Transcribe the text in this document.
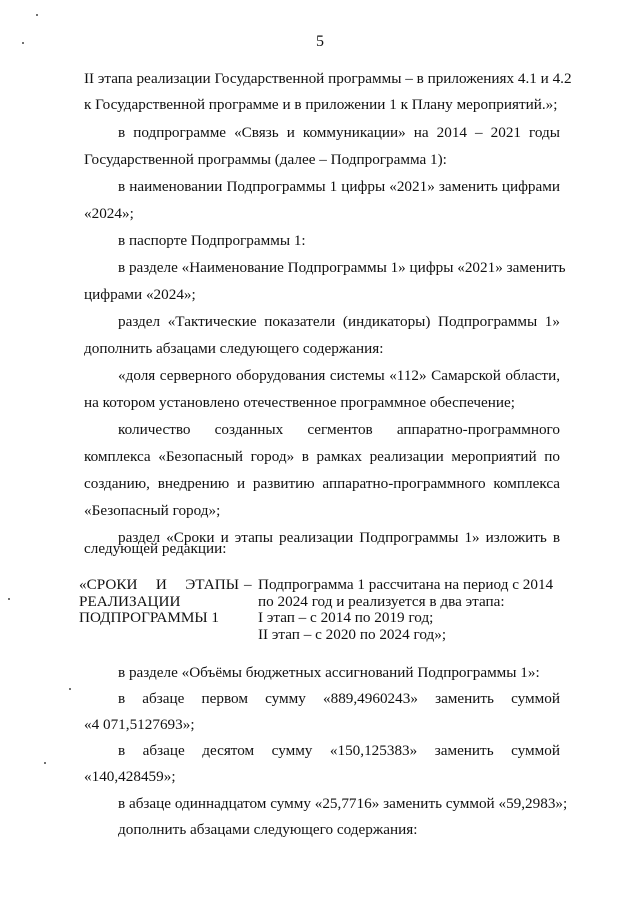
5
II этапа реализации Государственной программы – в приложениях 4.1 и 4.2
к Государственной программе и в приложении 1 к Плану мероприятий.»;
в подпрограмме «Связь и коммуникации» на 2014 – 2021 годы
Государственной программы (далее – Подпрограмма 1):
в наименовании Подпрограммы 1 цифры «2021» заменить цифрами
«2024»;
в паспорте Подпрограммы 1:
в разделе «Наименование Подпрограммы 1» цифры «2021» заменить
цифрами «2024»;
раздел «Тактические показатели (индикаторы) Подпрограммы 1»
дополнить абзацами следующего содержания:
«доля серверного оборудования системы «112» Самарской области,
на котором установлено отечественное программное обеспечение;
количество созданных сегментов аппаратно-программного
комплекса «Безопасный город» в рамках реализации мероприятий по
созданию, внедрению и развитию аппаратно-программного комплекса
«Безопасный город»;
раздел «Сроки и этапы реализации Подпрограммы 1» изложить в
следующей редакции:
«СРОКИ И ЭТАПЫ
РЕАЛИЗАЦИИ
ПОДПРОГРАММЫ 1
– Подпрограмма 1 рассчитана на период с 2014
по 2024 год и реализуется в два этапа:
I этап – с 2014 по 2019 год;
II этап – с 2020 по 2024 год»;
в разделе «Объёмы бюджетных ассигнований Подпрограммы 1»:
в абзаце первом сумму «889,4960243» заменить суммой
«4 071,5127693»;
в абзаце десятом сумму «150,125383» заменить суммой
«140,428459»;
в абзаце одиннадцатом сумму «25,7716» заменить суммой «59,2983»;
дополнить абзацами следующего содержания:
